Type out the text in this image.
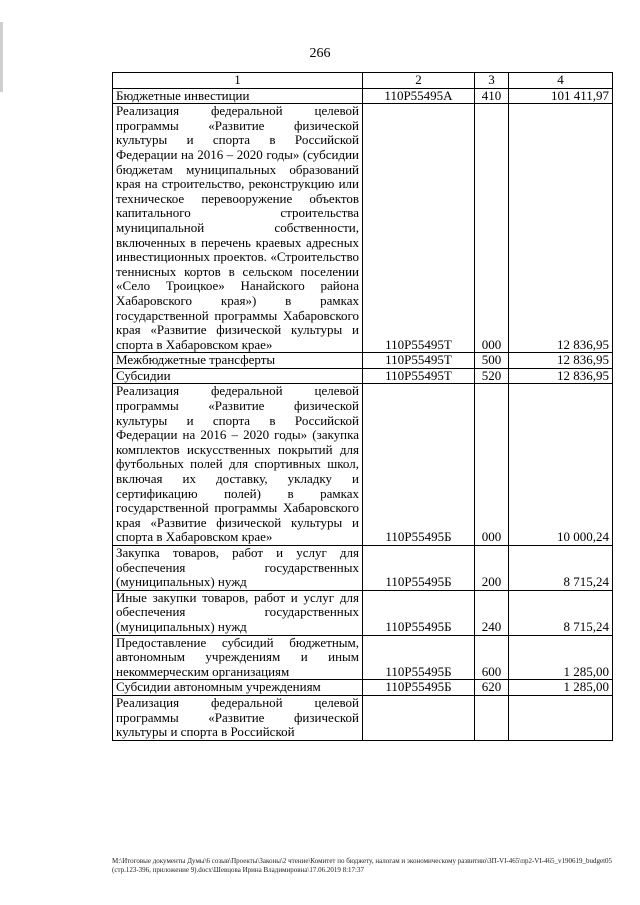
266
1	2	3	4
Бюджетные инвестиции	110P55495А	410	101 411,97
Реализация федеральной целевой программы «Развитие физической культуры и спорта в Российской Федерации на 2016 – 2020 годы» (субсидии бюджетам муниципальных образований края на строительство, реконструкцию или техническое перевооружение объектов капитального строительства муниципальной собственности, включенных в перечень краевых адресных инвестиционных проектов. «Строительство теннисных кортов в сельском поселении «Село Троицкое» Нанайского района Хабаровского края») в рамках государственной программы Хабаровского края «Развитие физической культуры и спорта в Хабаровском крае»	110P55495Т	000	12 836,95
Межбюджетные трансферты	110P55495Т	500	12 836,95
Субсидии	110P55495Т	520	12 836,95
Реализация федеральной целевой программы «Развитие физической культуры и спорта в Российской Федерации на 2016 – 2020 годы» (закупка комплектов искусственных покрытий для футбольных полей для спортивных школ, включая их доставку, укладку и сертификацию полей) в рамках государственной программы Хабаровского края «Развитие физической культуры и спорта в Хабаровском крае»	110P55495Б	000	10 000,24
Закупка товаров, работ и услуг для обеспечения государственных (муниципальных) нужд	110P55495Б	200	8 715,24
Иные закупки товаров, работ и услуг для обеспечения государственных (муниципальных) нужд	110P55495Б	240	8 715,24
Предоставление субсидий бюджетным, автономным учреждениям и иным некоммерческим организациям	110P55495Б	600	1 285,00
Субсидии автономным учреждениям	110P55495Б	620	1 285,00
Реализация федеральной целевой программы «Развитие физической культуры и спорта в Российской			
M:\Итоговые документы Думы\6 созыв\Проекты\Законы\2 чтение\Комитет по бюджету, налогам и экономическому развитию\ЗП-VI-465\пр2-VI-465_v190619_budget05 (стр.123-396, приложение 9).docx\Шевцова Ирина Владимировна\17.06.2019 8:17:37
